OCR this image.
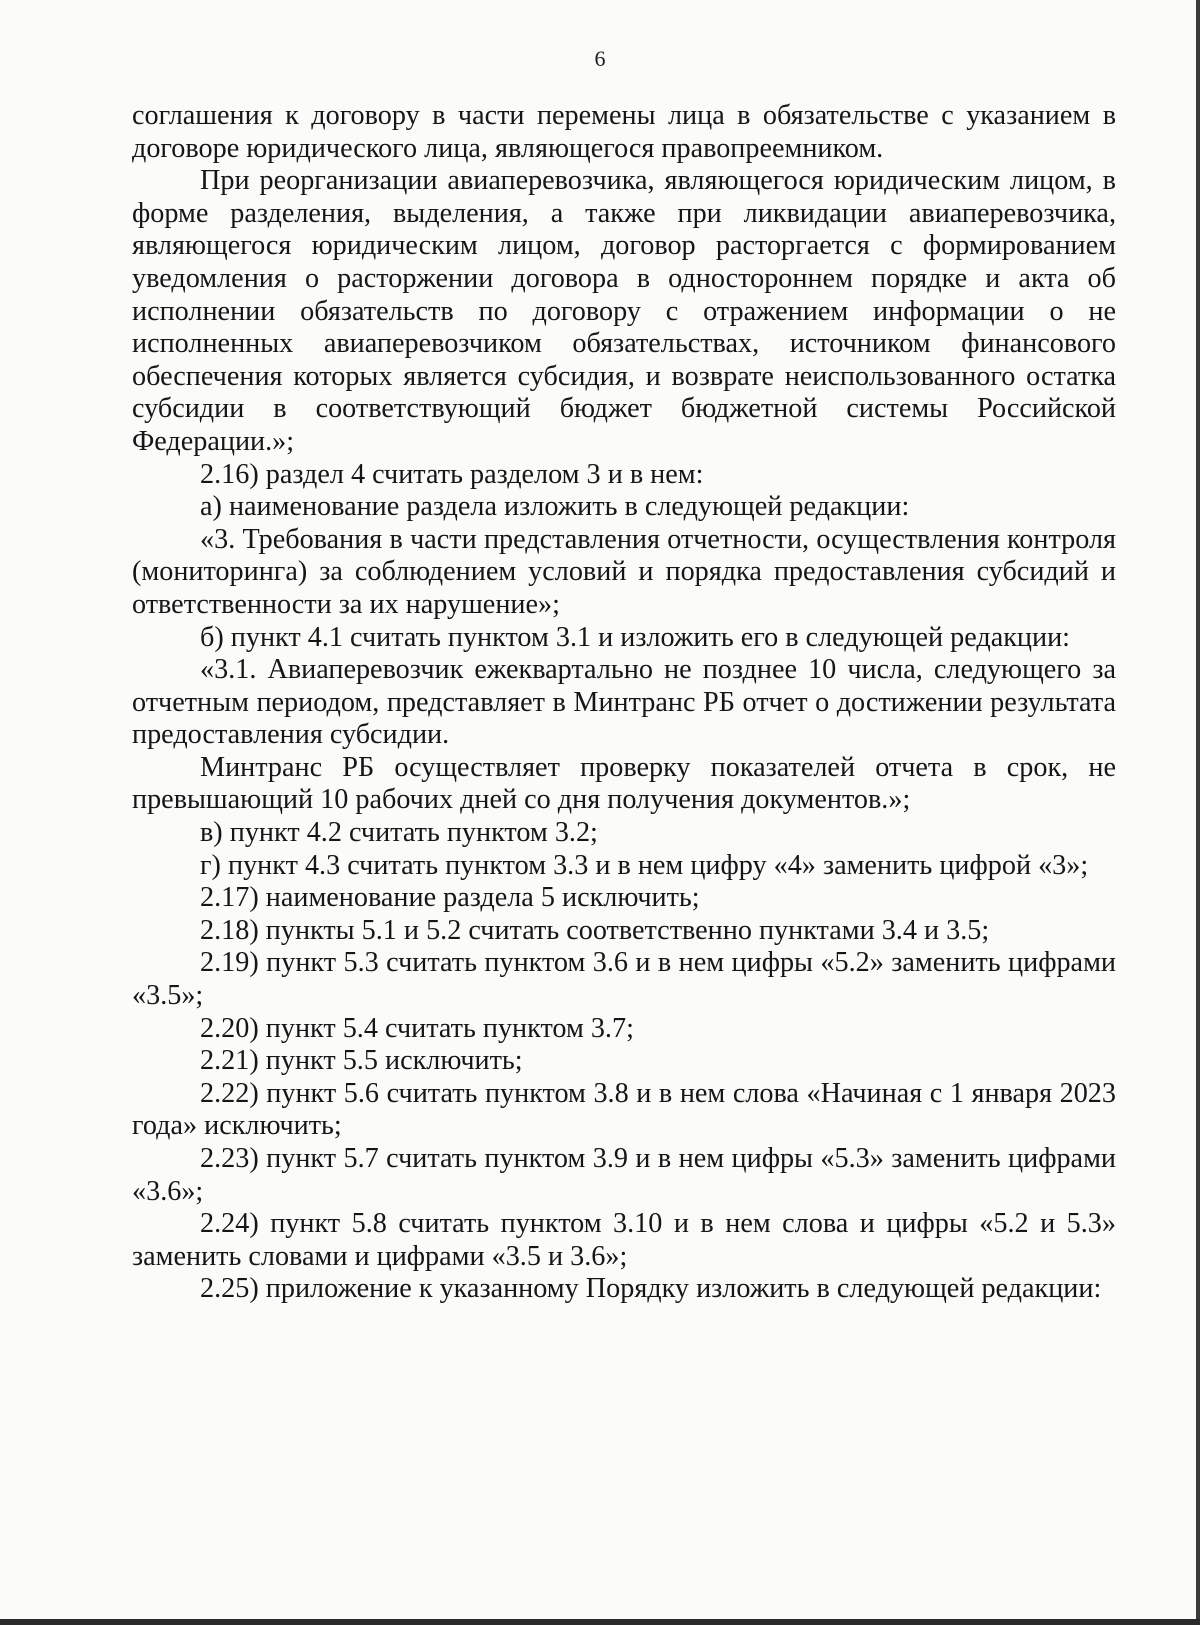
6

соглашения к договору в части перемены лица в обязательстве с указанием в договоре юридического лица, являющегося правопреемником.

При реорганизации авиаперевозчика, являющегося юридическим лицом, в форме разделения, выделения, а также при ликвидации авиаперевозчика, являющегося юридическим лицом, договор расторгается с формированием уведомления о расторжении договора в одностороннем порядке и акта об исполнении обязательств по договору с отражением информации о не исполненных авиаперевозчиком обязательствах, источником финансового обеспечения которых является субсидия, и возврате неиспользованного остатка субсидии в соответствующий бюджет бюджетной системы Российской Федерации.»;

2.16) раздел 4 считать разделом 3 и в нем:

а) наименование раздела изложить в следующей редакции:

«3. Требования в части представления отчетности, осуществления контроля (мониторинга) за соблюдением условий и порядка предоставления субсидий и ответственности за их нарушение»;

б) пункт 4.1 считать пунктом 3.1 и изложить его в следующей редакции:

«3.1. Авиаперевозчик ежеквартально не позднее 10 числа, следующего за отчетным периодом, представляет в Минтранс РБ отчет о достижении результата предоставления субсидии.

Минтранс РБ осуществляет проверку показателей отчета в срок, не превышающий 10 рабочих дней со дня получения документов.»;

в) пункт 4.2 считать пунктом 3.2;

г) пункт 4.3 считать пунктом 3.3 и в нем цифру «4» заменить цифрой «3»;

2.17) наименование раздела 5 исключить;

2.18) пункты 5.1 и 5.2 считать соответственно пунктами 3.4 и 3.5;

2.19) пункт 5.3 считать пунктом 3.6 и в нем цифры «5.2» заменить цифрами «3.5»;

2.20) пункт 5.4 считать пунктом 3.7;

2.21) пункт 5.5 исключить;

2.22) пункт 5.6 считать пунктом 3.8 и в нем слова «Начиная с 1 января 2023 года» исключить;

2.23) пункт 5.7 считать пунктом 3.9 и в нем цифры «5.3» заменить цифрами «3.6»;

2.24) пункт 5.8 считать пунктом 3.10 и в нем слова и цифры «5.2 и 5.3» заменить словами и цифрами «3.5 и 3.6»;

2.25) приложение к указанному Порядку изложить в следующей редакции:
